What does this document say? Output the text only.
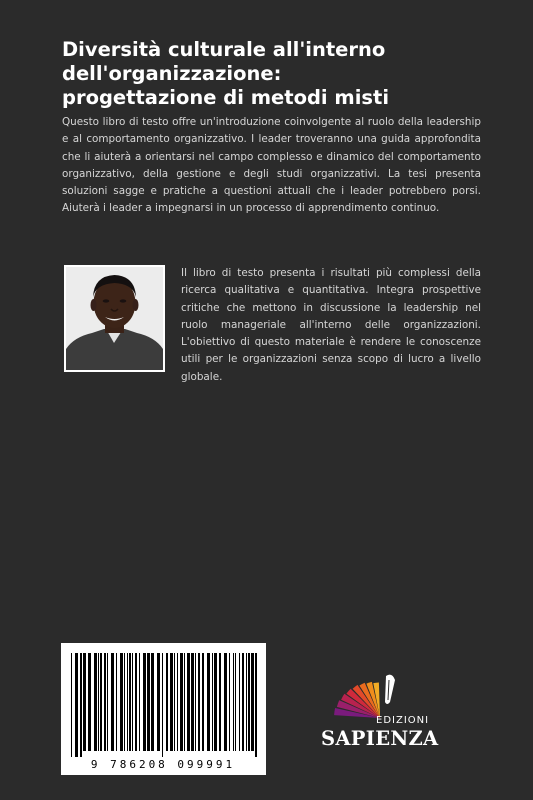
Diversità culturale all'interno
dell'organizzazione:
progettazione di metodi misti

Questo libro di testo offre un'introduzione coinvolgente al ruolo della leadership e al comportamento organizzativo. I leader troveranno una guida approfondita che li aiuterà a orientarsi nel campo complesso e dinamico del comportamento organizzativo, della gestione e degli studi organizzativi. La tesi presenta soluzioni sagge e pratiche a questioni attuali che i leader potrebbero porsi. Aiuterà i leader a impegnarsi in un processo di apprendimento continuo.

Il libro di testo presenta i risultati più complessi della ricerca qualitativa e quantitativa. Integra prospettive critiche che mettono in discussione la leadership nel ruolo manageriale all'interno delle organizzazioni. L'obiettivo di questo materiale è rendere le conoscenze utili per le organizzazioni senza scopo di lucro a livello globale.

9 786208 099991
EDIZIONI
SAPIENZA
